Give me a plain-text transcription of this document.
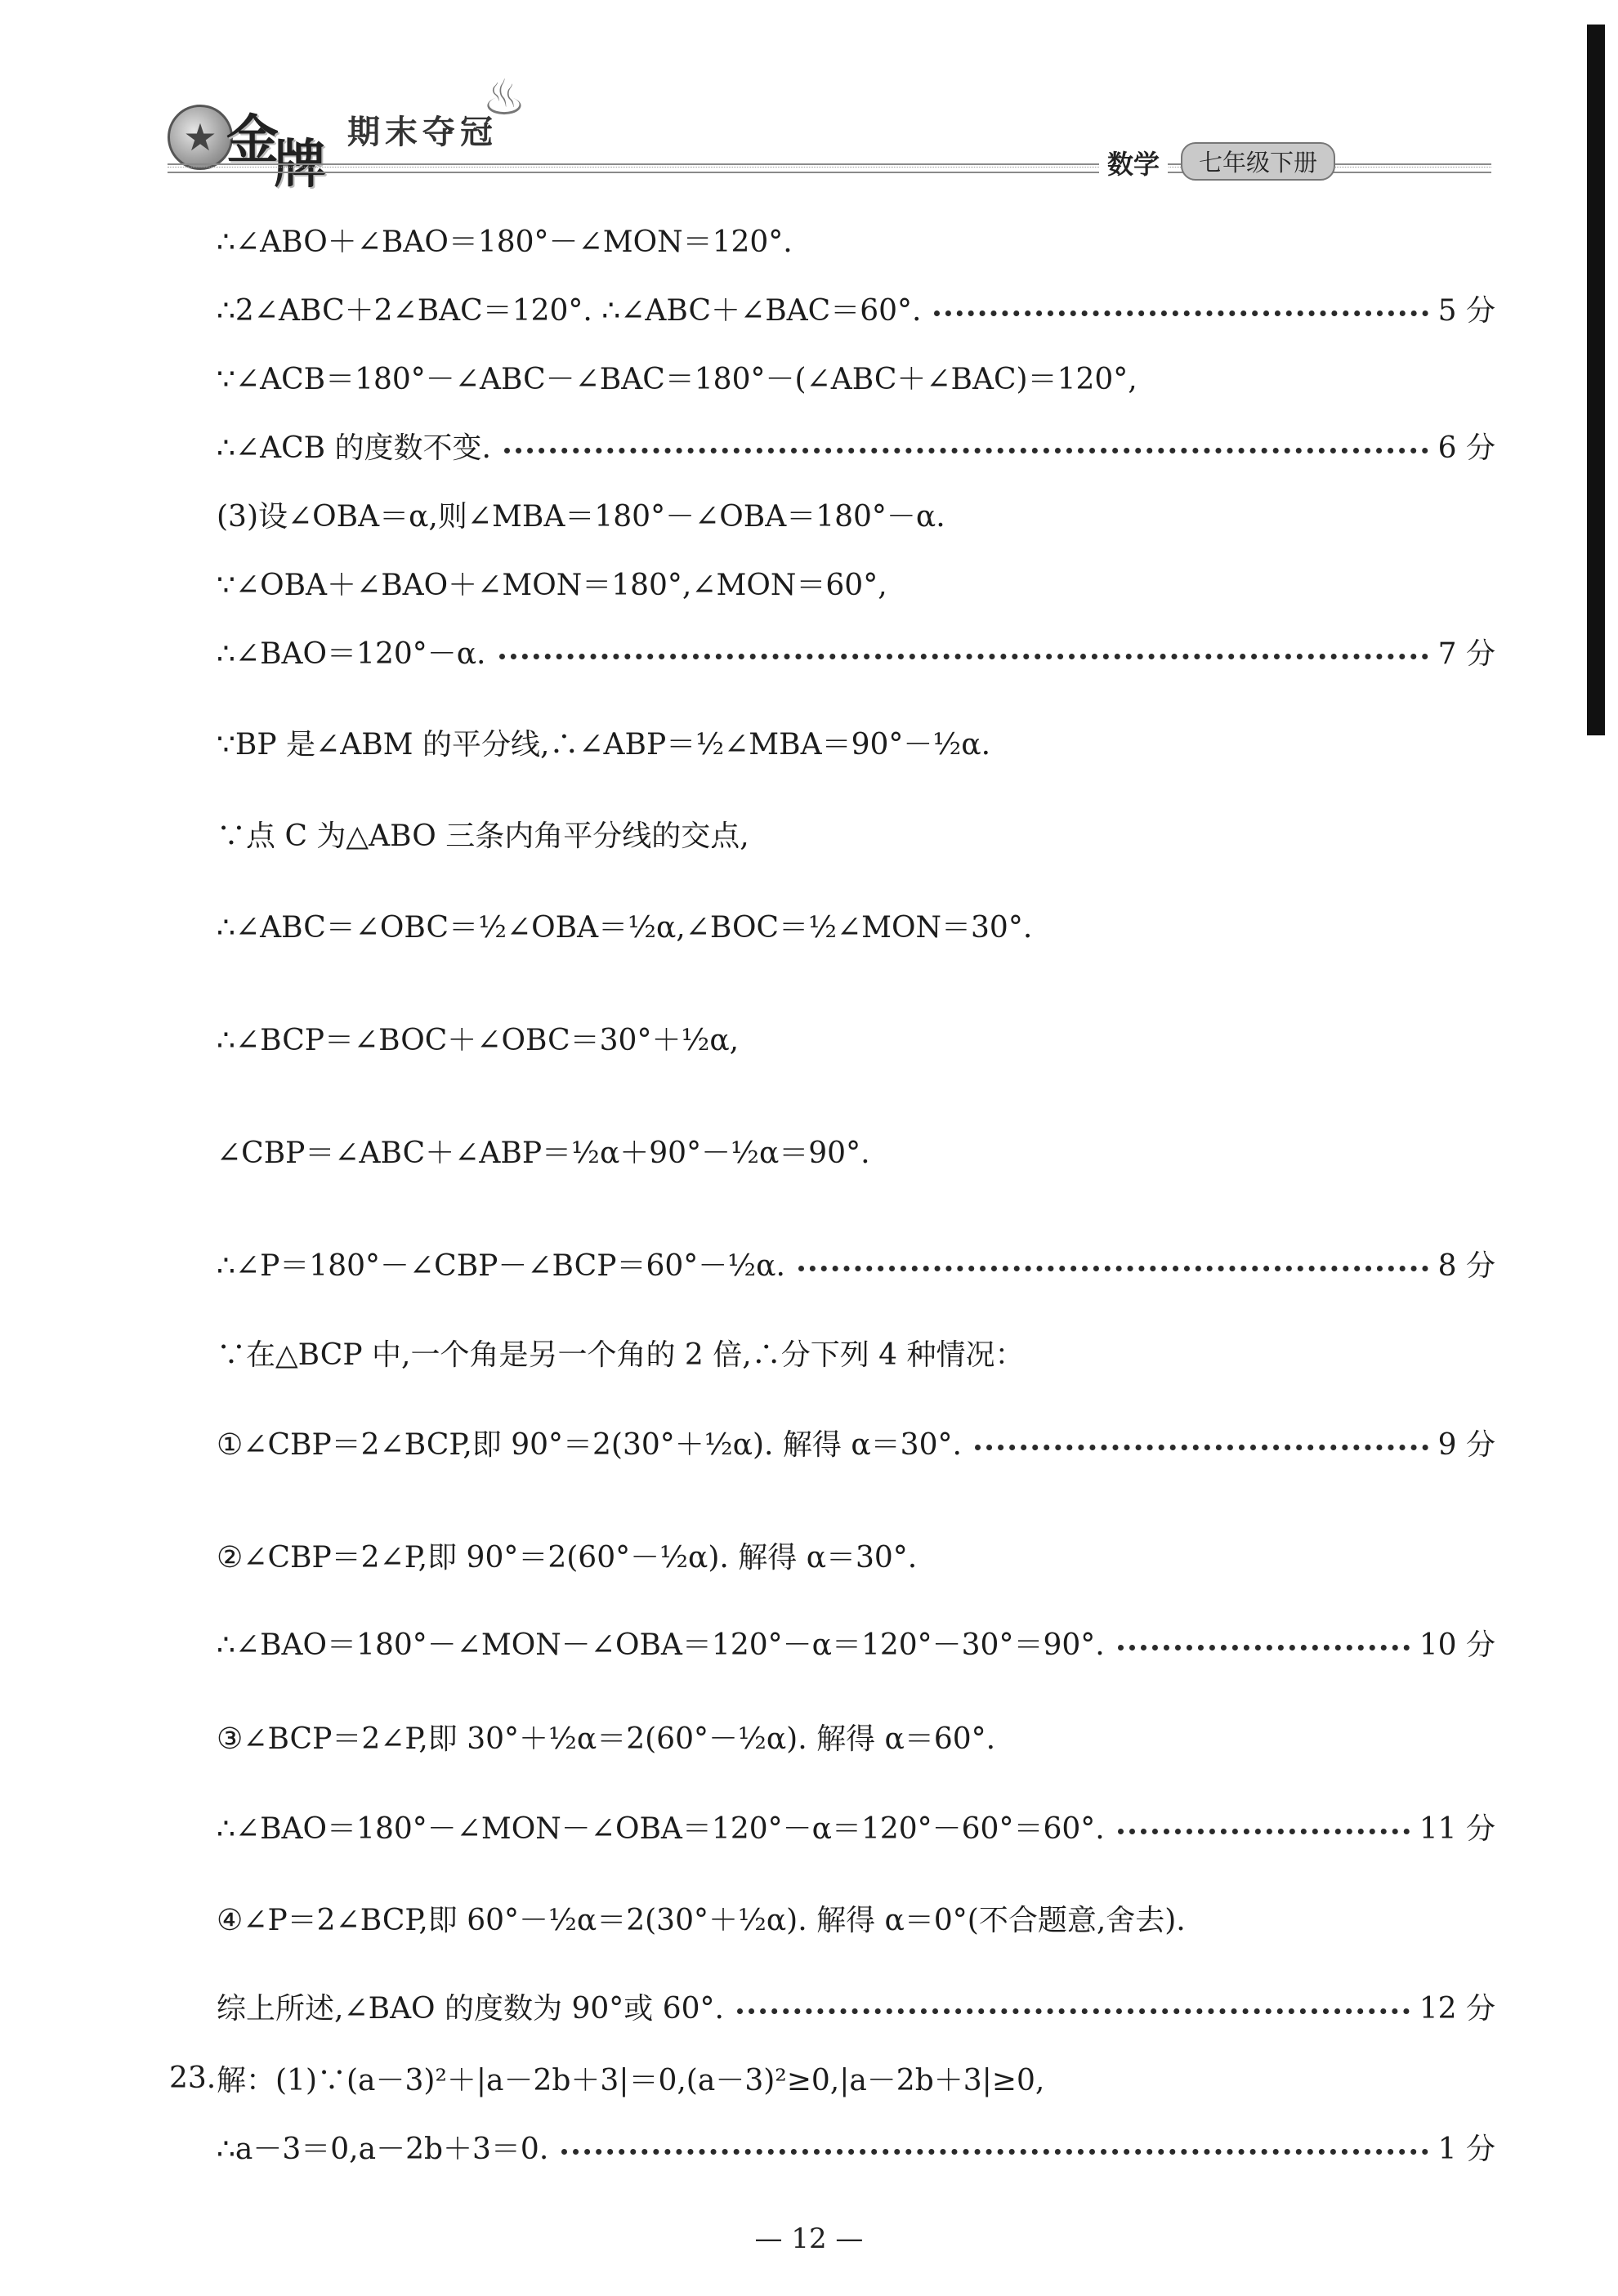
★ 金
牌
期末夺冠
♨
数学	七年级下册
∴∠ABO＋∠BAO＝180°－∠MON＝120°.
∴2∠ABC＋2∠BAC＝120°. ∴∠ABC＋∠BAC＝60°.	5 分
∵∠ACB＝180°－∠ABC－∠BAC＝180°－(∠ABC＋∠BAC)＝120°,
∴∠ACB 的度数不变.	6 分
(3)设∠OBA＝α,则∠MBA＝180°－∠OBA＝180°－α.
∵∠OBA＋∠BAO＋∠MON＝180°,∠MON＝60°,
∴∠BAO＝120°－α.	7 分
∵BP 是∠ABM 的平分线,∴∠ABP＝½∠MBA＝90°－½α.
∵点 C 为△ABO 三条内角平分线的交点,
∴∠ABC＝∠OBC＝½∠OBA＝½α,∠BOC＝½∠MON＝30°.
∴∠BCP＝∠BOC＋∠OBC＝30°＋½α,
∠CBP＝∠ABC＋∠ABP＝½α＋90°－½α＝90°.
∴∠P＝180°－∠CBP－∠BCP＝60°－½α.	8 分
∵在△BCP 中,一个角是另一个角的 2 倍,∴分下列 4 种情况：
①∠CBP＝2∠BCP,即 90°＝2(30°＋½α). 解得 α＝30°.	9 分
②∠CBP＝2∠P,即 90°＝2(60°－½α). 解得 α＝30°.
∴∠BAO＝180°－∠MON－∠OBA＝120°－α＝120°－30°＝90°.	10 分
③∠BCP＝2∠P,即 30°＋½α＝2(60°－½α). 解得 α＝60°.
∴∠BAO＝180°－∠MON－∠OBA＝120°－α＝120°－60°＝60°.	11 分
④∠P＝2∠BCP,即 60°－½α＝2(30°＋½α). 解得 α＝0°(不合题意,舍去).
综上所述,∠BAO 的度数为 90°或 60°.	12 分
23. 解：(1)∵(a－3)²＋|a－2b＋3|＝0,(a－3)²≥0,|a－2b＋3|≥0,
∴a－3＝0,a－2b＋3＝0.	1 分
— 12 —
